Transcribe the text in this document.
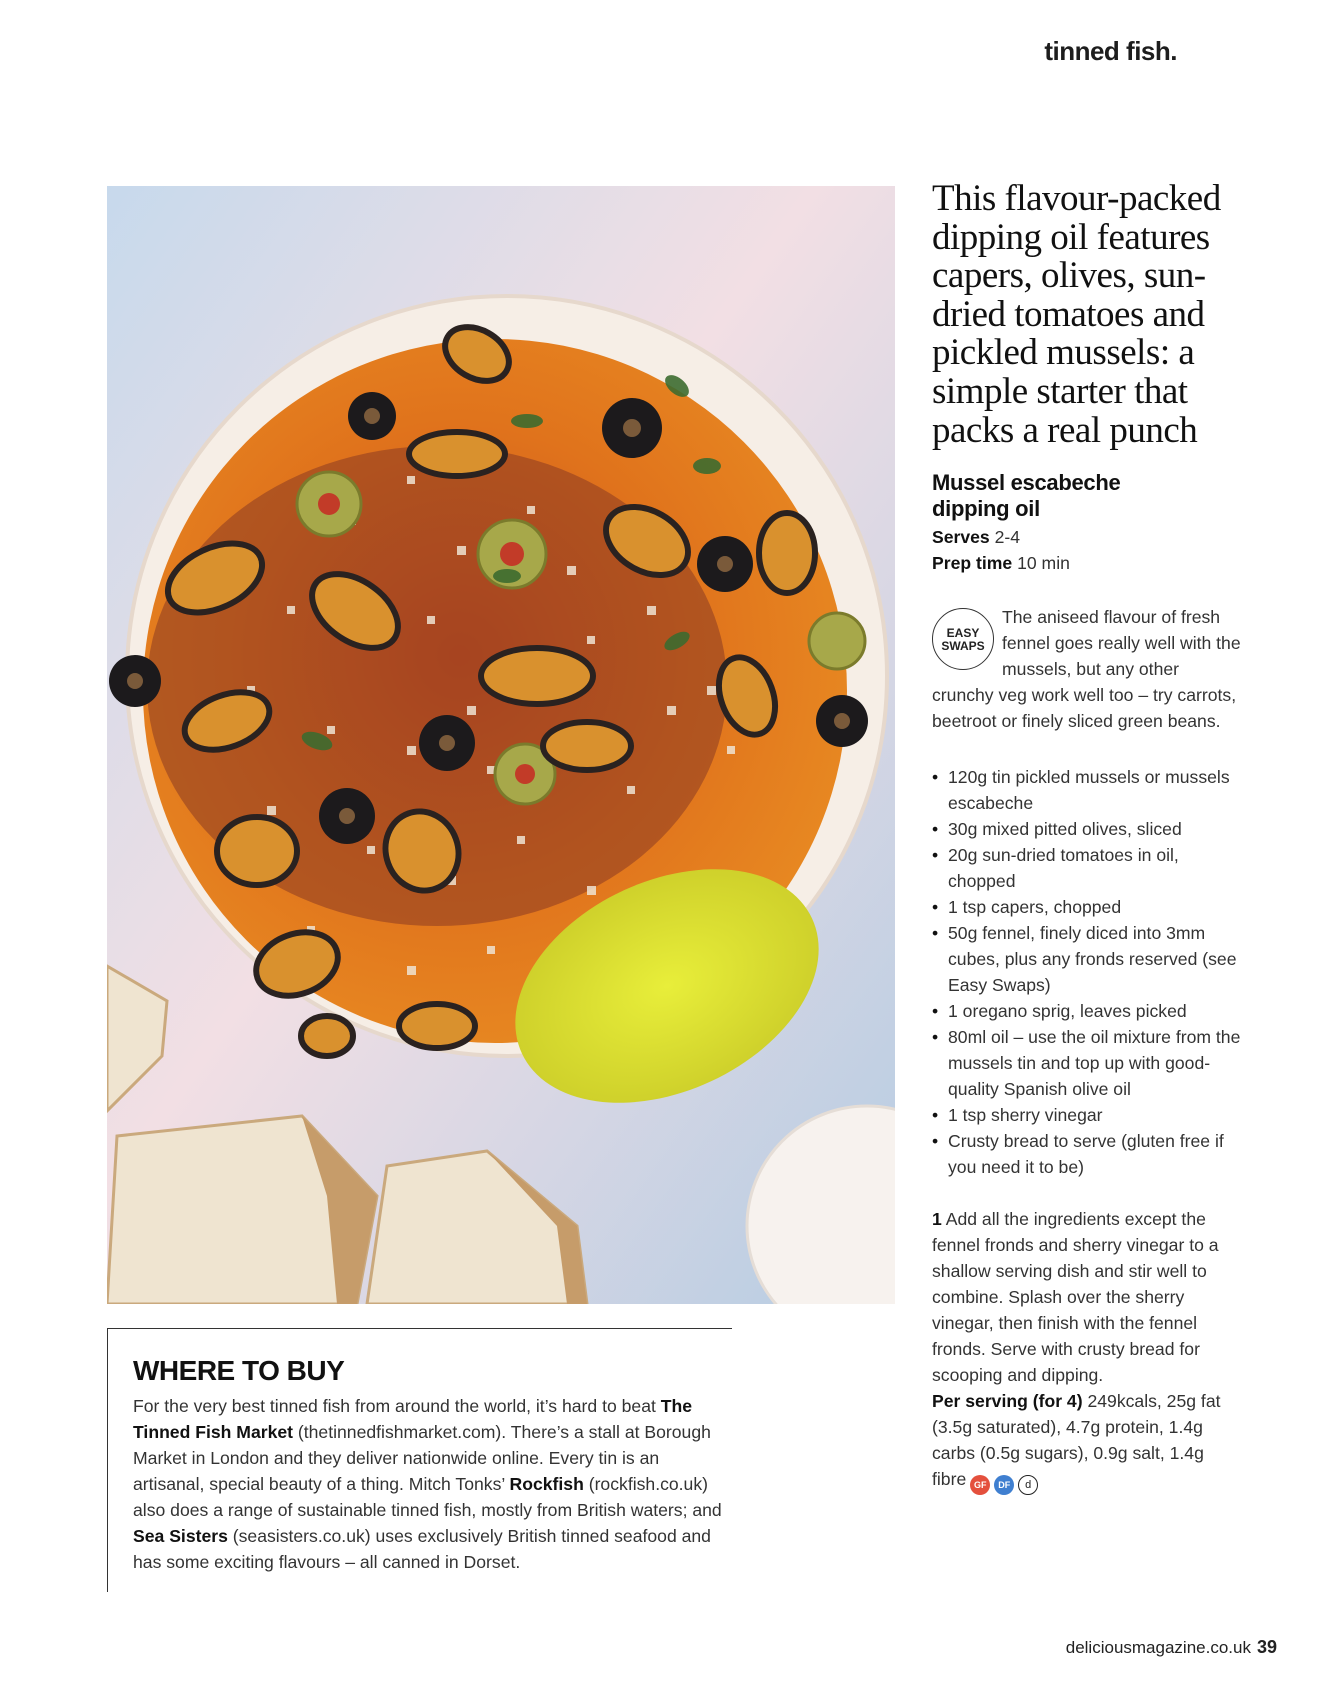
tinned fish.
This flavour-packed dipping oil features capers, olives, sun-dried tomatoes and pickled mussels: a simple starter that packs a real punch
Mussel escabeche
dipping oil
Serves 2-4
Prep time 10 min
EASY
SWAPS

The aniseed flavour of fresh fennel goes really well with the mussels, but any other crunchy veg work well too – try carrots, beetroot or finely sliced green beans.

• 120g tin pickled mussels or mussels escabeche
• 30g mixed pitted olives, sliced
• 20g sun-dried tomatoes in oil, chopped
• 1 tsp capers, chopped
• 50g fennel, finely diced into 3mm cubes, plus any fronds reserved (see Easy Swaps)
• 1 oregano sprig, leaves picked
• 80ml oil – use the oil mixture from the mussels tin and top up with good-quality Spanish olive oil
• 1 tsp sherry vinegar
• Crusty bread to serve (gluten free if you need it to be)

1 Add all the ingredients except the fennel fronds and sherry vinegar to a shallow serving dish and stir well to combine. Splash over the sherry vinegar, then finish with the fennel fronds. Serve with crusty bread for scooping and dipping.

Per serving (for 4) 249kcals, 25g fat (3.5g saturated), 4.7g protein, 1.4g carbs (0.5g sugars), 0.9g salt, 1.4g fibre GF	DF	d

WHERE TO BUY

For the very best tinned fish from around the world, it’s hard to beat The Tinned Fish Market (thetinnedfishmarket.com). There’s a stall at Borough Market in London and they deliver nationwide online. Every tin is an artisanal, special beauty of a thing. Mitch Tonks’ Rockfish (rockfish.co.uk) also does a range of sustainable tinned fish, mostly from British waters; and Sea Sisters (seasisters.co.uk) uses exclusively British tinned seafood and has some exciting flavours – all canned in Dorset.

deliciousmagazine.co.uk 39
